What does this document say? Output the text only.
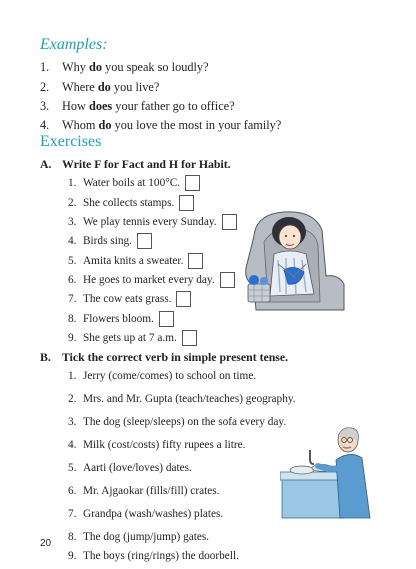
Examples:
1. Why do you speak so loudly?
2. Where do you live?
3. How does your father go to office?
4. Whom do you love the most in your family?
Exercises
A. Write F for Fact and H for Habit.
1. Water boils at 100°C.
2. She collects stamps.
3. We play tennis every Sunday.
4. Birds sing.
5. Amita knits a sweater.
6. He goes to market every day.
7. The cow eats grass.
8. Flowers bloom.
9. She gets up at 7 a.m.
B. Tick the correct verb in simple present tense.
1. Jerry (come/comes) to school on time.
2. Mrs. and Mr. Gupta (teach/teaches) geography.
3. The dog (sleep/sleeps) on the sofa every day.
4. Milk (cost/costs) fifty rupees a litre.
5. Aarti (love/loves) dates.
6. Mr. Ajgaokar (fills/fill) crates.
7. Grandpa (wash/washes) plates.
8. The dog (jump/jump) gates.
9. The boys (ring/rings) the doorbell.
20
